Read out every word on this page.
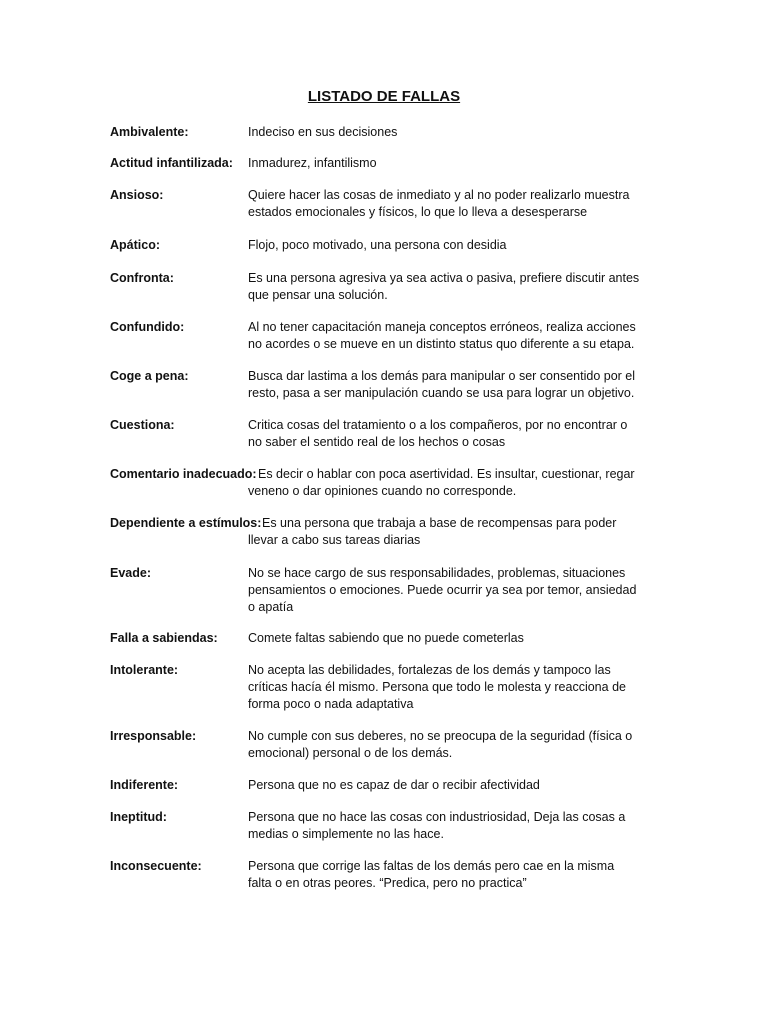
LISTADO DE FALLAS
Ambivalente:	Indeciso en sus decisiones
Actitud infantilizada: Inmadurez, infantilismo
Ansioso:	Quiere hacer las cosas de inmediato y al no poder realizarlo muestra
estados emocionales y físicos, lo que lo lleva a desesperarse
Apático:	Flojo, poco motivado, una persona con desidia
Confronta:	Es una persona agresiva ya sea activa o pasiva, prefiere discutir antes
que pensar una solución.
Confundido:	Al no tener capacitación maneja conceptos erróneos, realiza acciones
no acordes o se mueve en un distinto status quo diferente a su etapa.
Coge a pena:	Busca dar lastima a los demás para manipular o ser consentido por el
resto, pasa a ser manipulación cuando se usa para lograr un objetivo.
Cuestiona:	Critica cosas del tratamiento o a los compañeros, por no encontrar o
no saber el sentido real de los hechos o cosas
Comentario inadecuado: Es decir o hablar con poca asertividad. Es insultar, cuestionar, regar
veneno o dar opiniones cuando no corresponde.
Dependiente a estímulos: Es una persona que trabaja a base de recompensas para poder
llevar a cabo sus tareas diarias
Evade:	No se hace cargo de sus responsabilidades, problemas, situaciones
pensamientos o emociones. Puede ocurrir ya sea por temor, ansiedad
o apatía
Falla a sabiendas: Comete faltas sabiendo que no puede cometerlas
Intolerante:	No acepta las debilidades, fortalezas de los demás y tampoco las
críticas hacía él mismo. Persona que todo le molesta y reacciona de
forma poco o nada adaptativa
Irresponsable:	No cumple con sus deberes, no se preocupa de la seguridad (física o
emocional) personal o de los demás.
Indiferente:	Persona que no es capaz de dar o recibir afectividad
Ineptitud:	Persona que no hace las cosas con industriosidad, Deja las cosas a
medias o simplemente no las hace.
Inconsecuente:	Persona que corrige las faltas de los demás pero cae en la misma
falta o en otras peores. “Predica, pero no practica”
